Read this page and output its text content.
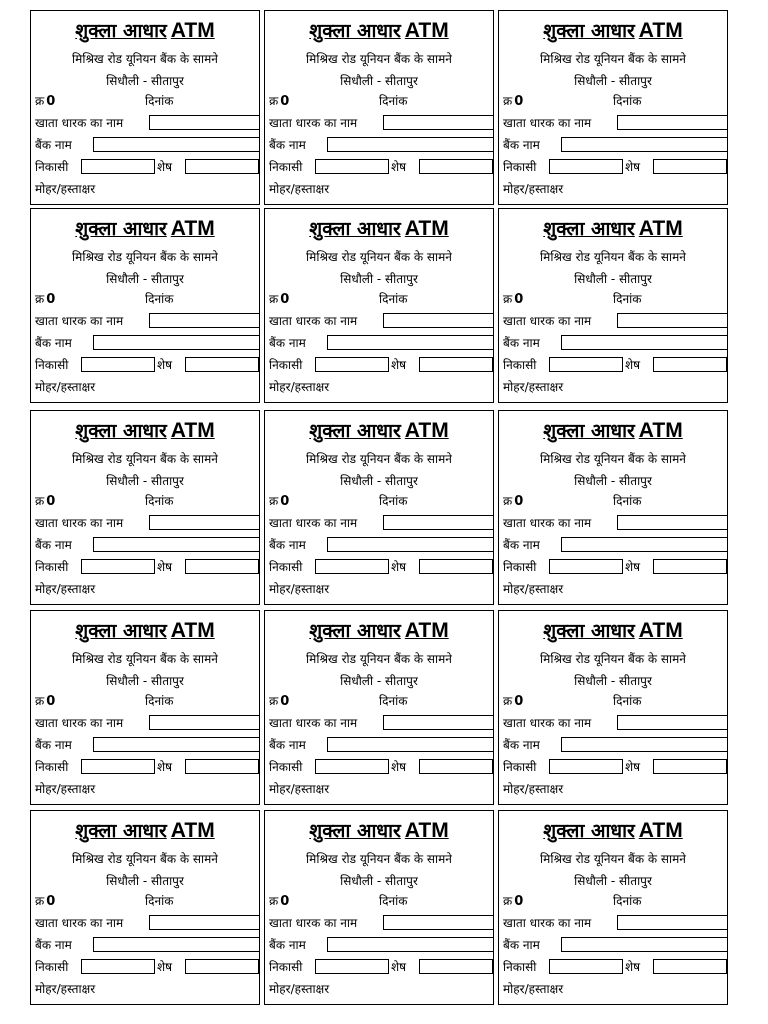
शुक्ला आधार ATM
मिश्रिख रोड यूनियन बैंक के सामने
सिधौली - सीतापुर
क्र 0	दिनांक
खाता धारक का नाम
बैंक नाम
निकासी	शेष
मोहर/हस्ताक्षर
शुक्ला आधार ATM
मिश्रिख रोड यूनियन बैंक के सामने
सिधौली - सीतापुर
क्र 0	दिनांक
खाता धारक का नाम
बैंक नाम
निकासी	शेष
मोहर/हस्ताक्षर
शुक्ला आधार ATM
मिश्रिख रोड यूनियन बैंक के सामने
सिधौली - सीतापुर
क्र 0	दिनांक
खाता धारक का नाम
बैंक नाम
निकासी	शेष
मोहर/हस्ताक्षर
शुक्ला आधार ATM
मिश्रिख रोड यूनियन बैंक के सामने
सिधौली - सीतापुर
क्र 0	दिनांक
खाता धारक का नाम
बैंक नाम
निकासी	शेष
मोहर/हस्ताक्षर
शुक्ला आधार ATM
मिश्रिख रोड यूनियन बैंक के सामने
सिधौली - सीतापुर
क्र 0	दिनांक
खाता धारक का नाम
बैंक नाम
निकासी	शेष
मोहर/हस्ताक्षर
शुक्ला आधार ATM
मिश्रिख रोड यूनियन बैंक के सामने
सिधौली - सीतापुर
क्र 0	दिनांक
खाता धारक का नाम
बैंक नाम
निकासी	शेष
मोहर/हस्ताक्षर
शुक्ला आधार ATM
मिश्रिख रोड यूनियन बैंक के सामने
सिधौली - सीतापुर
क्र 0	दिनांक
खाता धारक का नाम
बैंक नाम
निकासी	शेष
मोहर/हस्ताक्षर
शुक्ला आधार ATM
मिश्रिख रोड यूनियन बैंक के सामने
सिधौली - सीतापुर
क्र 0	दिनांक
खाता धारक का नाम
बैंक नाम
निकासी	शेष
मोहर/हस्ताक्षर
शुक्ला आधार ATM
मिश्रिख रोड यूनियन बैंक के सामने
सिधौली - सीतापुर
क्र 0	दिनांक
खाता धारक का नाम
बैंक नाम
निकासी	शेष
मोहर/हस्ताक्षर
शुक्ला आधार ATM
मिश्रिख रोड यूनियन बैंक के सामने
सिधौली - सीतापुर
क्र 0	दिनांक
खाता धारक का नाम
बैंक नाम
निकासी	शेष
मोहर/हस्ताक्षर
शुक्ला आधार ATM
मिश्रिख रोड यूनियन बैंक के सामने
सिधौली - सीतापुर
क्र 0	दिनांक
खाता धारक का नाम
बैंक नाम
निकासी	शेष
मोहर/हस्ताक्षर
शुक्ला आधार ATM
मिश्रिख रोड यूनियन बैंक के सामने
सिधौली - सीतापुर
क्र 0	दिनांक
खाता धारक का नाम
बैंक नाम
निकासी	शेष
मोहर/हस्ताक्षर
शुक्ला आधार ATM
मिश्रिख रोड यूनियन बैंक के सामने
सिधौली - सीतापुर
क्र 0	दिनांक
खाता धारक का नाम
बैंक नाम
निकासी	शेष
मोहर/हस्ताक्षर
शुक्ला आधार ATM
मिश्रिख रोड यूनियन बैंक के सामने
सिधौली - सीतापुर
क्र 0	दिनांक
खाता धारक का नाम
बैंक नाम
निकासी	शेष
मोहर/हस्ताक्षर
शुक्ला आधार ATM
मिश्रिख रोड यूनियन बैंक के सामने
सिधौली - सीतापुर
क्र 0	दिनांक
खाता धारक का नाम
बैंक नाम
निकासी	शेष
मोहर/हस्ताक्षर
